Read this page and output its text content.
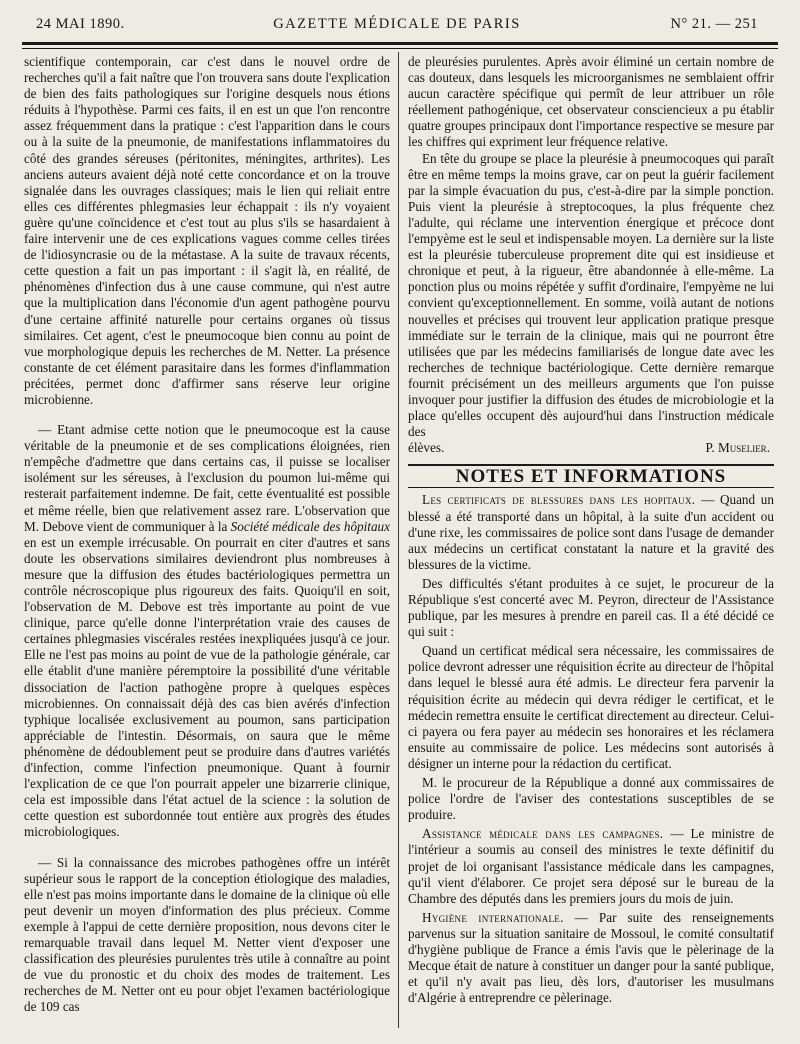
24 MAI 1890.	GAZETTE MÉDICALE DE PARIS	N° 21. — 251

scientifique contemporain, car c'est dans le nouvel ordre de recherches qu'il a fait naître que l'on trouvera sans doute l'explication de bien des faits pathologiques sur l'origine desquels nous étions réduits à l'hypothèse. Parmi ces faits, il en est un que l'on rencontre assez fréquemment dans la pratique : c'est l'apparition dans le cours ou à la suite de la pneumonie, de manifestations inflammatoires du côté des grandes séreuses (péritonites, méningites, arthrites). Les anciens auteurs avaient déjà noté cette concordance et on la trouve signalée dans les ouvrages classiques; mais le lien qui reliait entre elles ces différentes phlegmasies leur échappait : ils n'y voyaient guère qu'une coïncidence et c'est tout au plus s'ils se hasardaient à faire intervenir une de ces explications vagues comme celles tirées de l'idiosyncrasie ou de la métastase. A la suite de travaux récents, cette question a fait un pas important : il s'agit là, en réalité, de phénomènes d'infection dus à une cause commune, qui n'est autre que la multiplication dans l'économie d'un agent pathogène pourvu d'une certaine affinité naturelle pour certains organes où tissus similaires. Cet agent, c'est le pneumocoque bien connu au point de vue morphologique depuis les recherches de M. Netter. La présence constante de cet élément parasitaire dans les formes d'inflammation précitées, permet donc d'affirmer sans réserve leur origine microbienne.

— Etant admise cette notion que le pneumocoque est la cause véritable de la pneumonie et de ses complications éloignées, rien n'empêche d'admettre que dans certains cas, il puisse se localiser isolément sur les séreuses, à l'exclusion du poumon lui-même qui resterait parfaitement indemne. De fait, cette éventualité est possible et même réelle, bien que relativement assez rare. L'observation que M. Debove vient de communiquer à la Société médicale des hôpitaux en est un exemple irrécusable. On pourrait en citer d'autres et sans doute les observations similaires deviendront plus nombreuses à mesure que la diffusion des études bactériologiques permettra un contrôle nécroscopique plus rigoureux des faits. Quoiqu'il en soit, l'observation de M. Debove est très importante au point de vue clinique, parce qu'elle donne l'interprétation vraie des causes de certaines phlegmasies viscérales restées inexpliquées jusqu'à ce jour. Elle ne l'est pas moins au point de vue de la pathologie générale, car elle établit d'une manière péremptoire la possibilité d'une véritable dissociation de l'action pathogène propre à quelques espèces microbiennes. On connaissait déjà des cas bien avérés d'infection typhique localisée exclusivement au poumon, sans participation appréciable de l'intestin. Désormais, on saura que le même phénomène de dédoublement peut se produire dans d'autres variétés d'infection, comme l'infection pneumonique. Quant à fournir l'explication de ce que l'on pourrait appeler une bizarrerie clinique, cela est impossible dans l'état actuel de la science : la solution de cette question est subordonnée tout entière aux progrès des études microbiologiques.

— Si la connaissance des microbes pathogènes offre un intérêt supérieur sous le rapport de la conception étiologique des maladies, elle n'est pas moins importante dans le domaine de la clinique où elle peut devenir un moyen d'information des plus précieux. Comme exemple à l'appui de cette dernière proposition, nous devons citer le remarquable travail dans lequel M. Netter vient d'exposer une classification des pleurésies purulentes très utile à connaître au point de vue du pronostic et du choix des modes de traitement. Les recherches de M. Netter ont eu pour objet l'examen bactériologique de 109 cas

de pleurésies purulentes. Après avoir éliminé un certain nombre de cas douteux, dans lesquels les microorganismes ne semblaient offrir aucun caractère spécifique qui permît de leur attribuer un rôle réellement pathogénique, cet observateur consciencieux a pu établir quatre groupes principaux dont l'importance respective se mesure par les chiffres qui expriment leur fréquence relative.

En tête du groupe se place la pleurésie à pneumocoques qui paraît être en même temps la moins grave, car on peut la guérir facilement par la simple évacuation du pus, c'est-à-dire par la simple ponction. Puis vient la pleurésie à streptocoques, la plus fréquente chez l'adulte, qui réclame une intervention énergique et précoce dont l'empyème est le seul et indispensable moyen. La dernière sur la liste est la pleurésie tuberculeuse proprement dite qui est insidieuse et chronique et peut, à la rigueur, être abandonnée à elle-même. La ponction plus ou moins répétée y suffit d'ordinaire, l'empyème ne lui convient qu'exceptionnellement. En somme, voilà autant de notions nouvelles et précises qui trouvent leur application pratique presque immédiate sur le terrain de la clinique, mais qui ne pourront être utilisées que par les médecins familiarisés de longue date avec les recherches de technique bactériologique. Cette dernière remarque fournit précisément un des meilleurs arguments que l'on puisse invoquer pour justifier la diffusion des études de microbiologie et la place qu'elles occupent dès aujourd'hui dans l'instruction médicale des

élèves.	P. Muselier.
NOTES ET INFORMATIONS

Les certificats de blessures dans les hopitaux. — Quand un blessé a été transporté dans un hôpital, à la suite d'un accident ou d'une rixe, les commissaires de police sont dans l'usage de demander aux médecins un certificat constatant la nature et la gravité des blessures de la victime.

Des difficultés s'étant produites à ce sujet, le procureur de la République s'est concerté avec M. Peyron, directeur de l'Assistance publique, par les mesures à prendre en pareil cas. Il a été décidé ce qui suit :

Quand un certificat médical sera nécessaire, les commissaires de police devront adresser une réquisition écrite au directeur de l'hôpital dans lequel le blessé aura été admis. Le directeur fera parvenir la réquisition écrite au médecin qui devra rédiger le certificat, et le médecin remettra ensuite le certificat directement au directeur. Celui-ci payera ou fera payer au médecin ses honoraires et les réclamera ensuite au commissaire de police. Les médecins sont autorisés à désigner un interne pour la rédaction du certificat.

M. le procureur de la République a donné aux commissaires de police l'ordre de l'aviser des contestations susceptibles de se produire.

Assistance médicale dans les campagnes. — Le ministre de l'intérieur a soumis au conseil des ministres le texte définitif du projet de loi organisant l'assistance médicale dans les campagnes, qu'il vient d'élaborer. Ce projet sera déposé sur le bureau de la Chambre des députés dans les premiers jours du mois de juin.

Hygiène internationale. — Par suite des renseignements parvenus sur la situation sanitaire de Mossoul, le comité consultatif d'hygiène publique de France a émis l'avis que le pèlerinage de la Mecque était de nature à constituer un danger pour la santé publique, et qu'il n'y avait pas lieu, dès lors, d'autoriser les musulmans d'Algérie à entreprendre ce pèlerinage.
